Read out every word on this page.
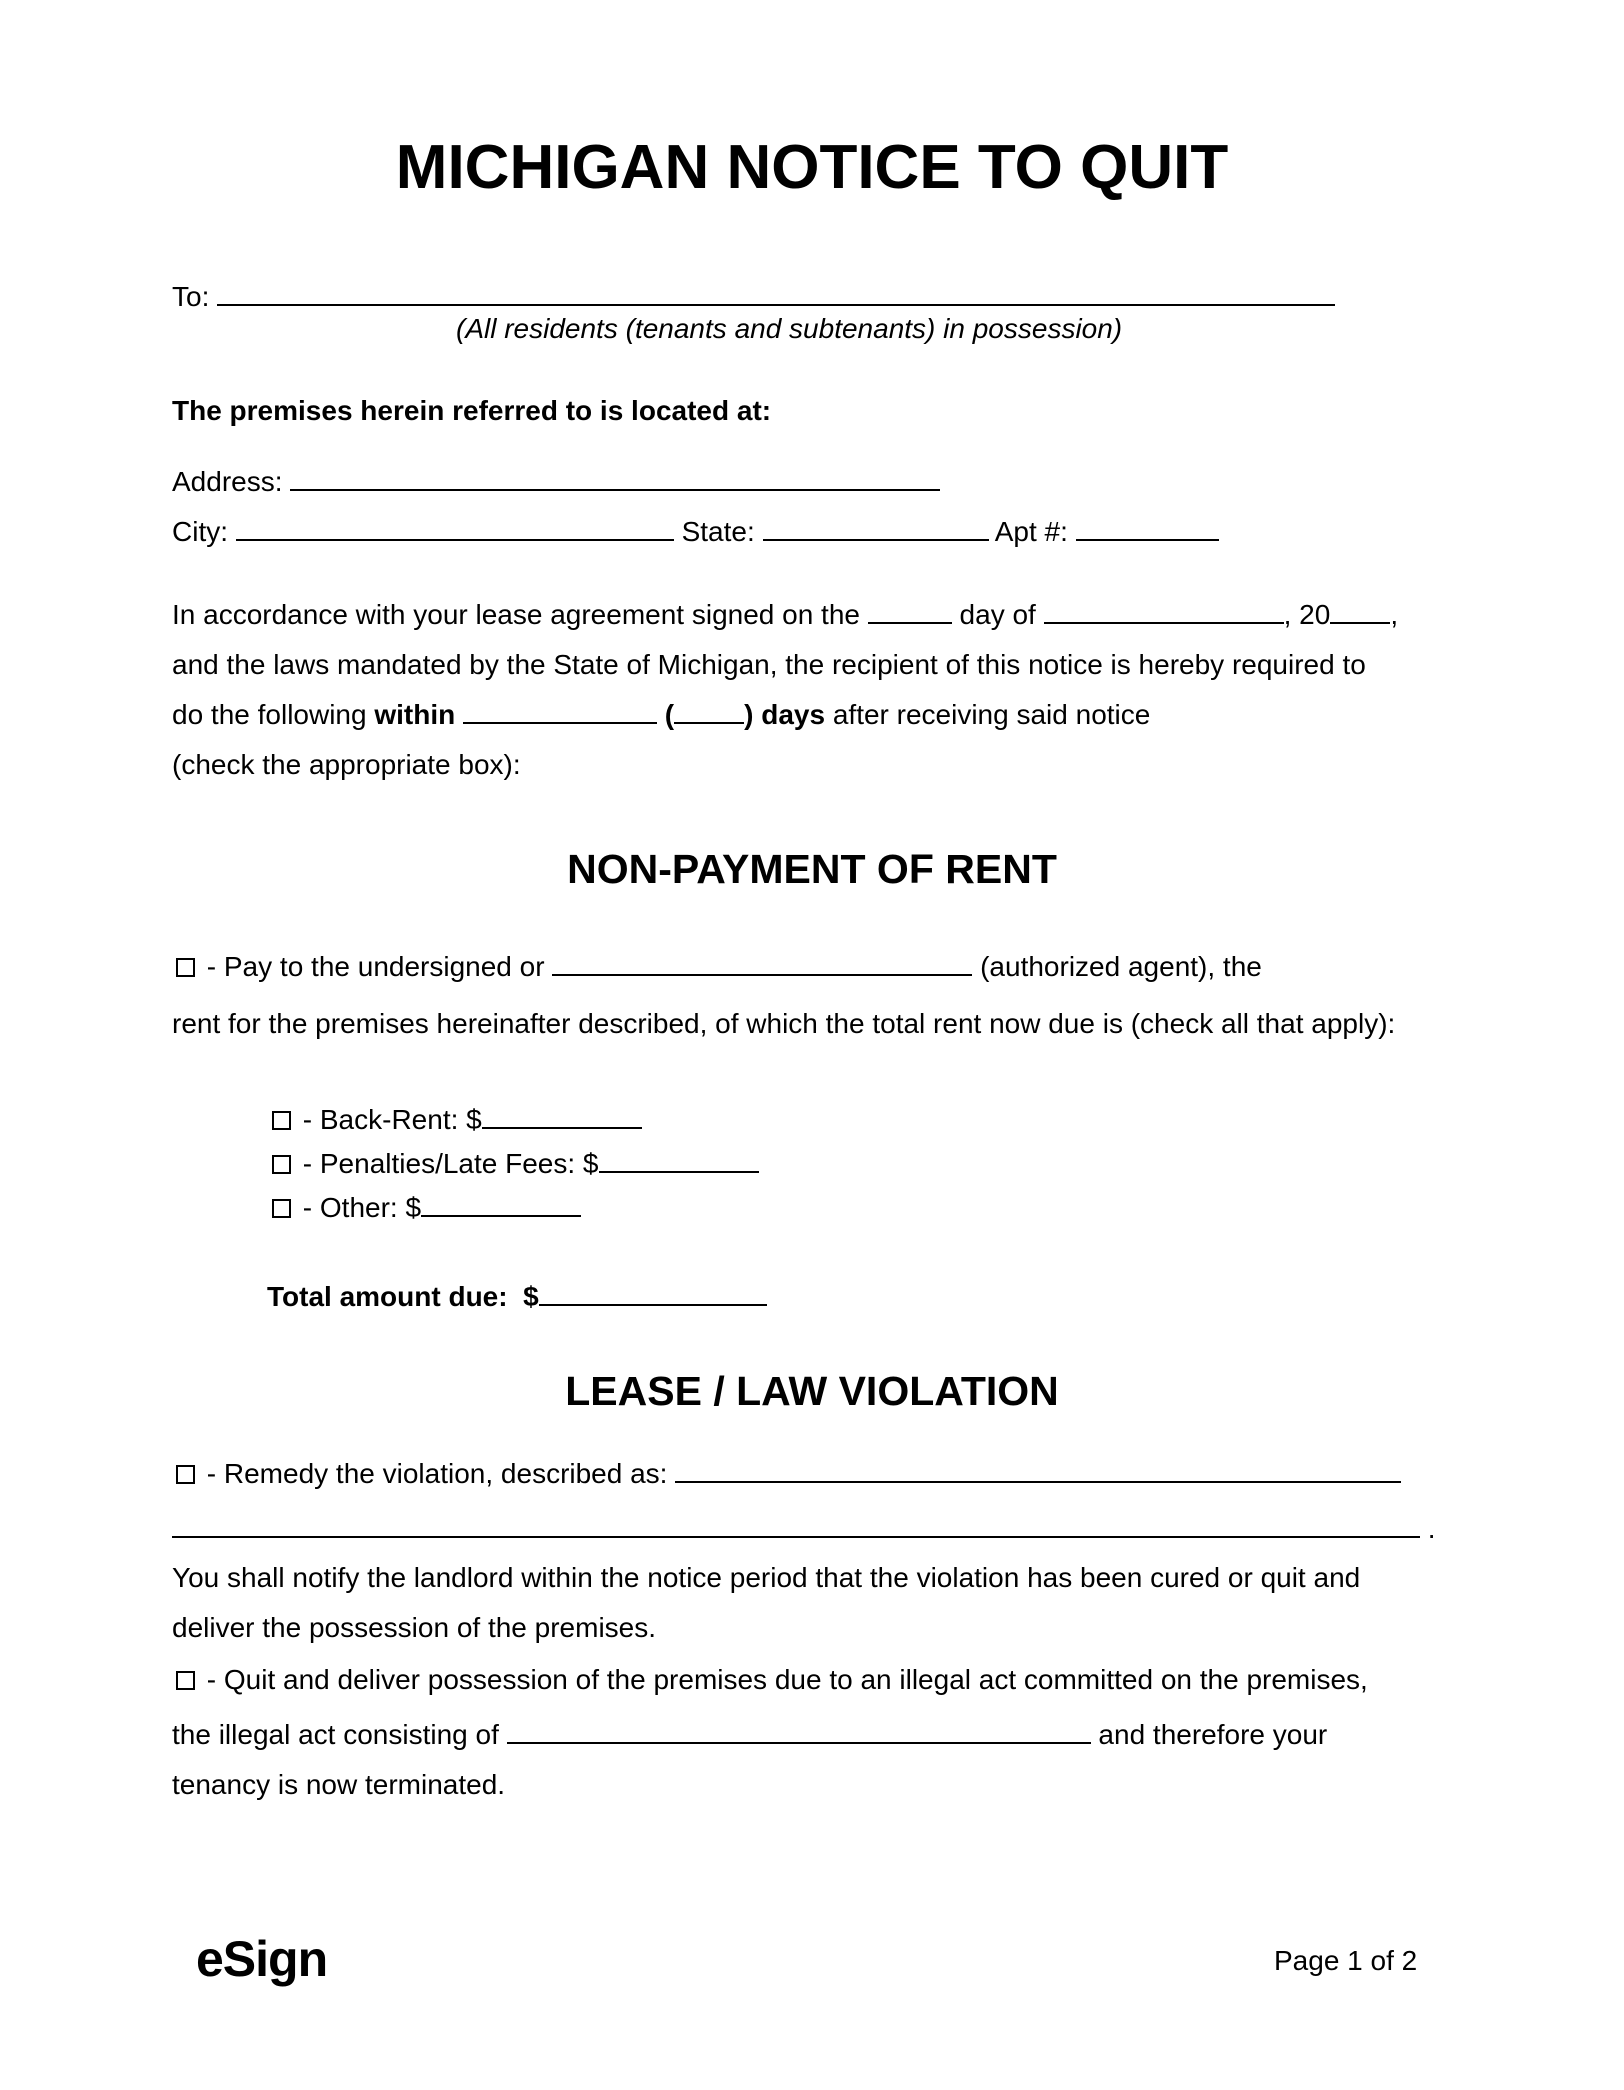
MICHIGAN NOTICE TO QUIT
To:
(All residents (tenants and subtenants) in possession)
The premises herein referred to is located at:
Address:
City:	State:	Apt #:
In accordance with your lease agreement signed on the	day of	, 20 ,
and the laws mandated by the State of Michigan, the recipient of this notice is hereby required to
do the following within	(	) days after receiving said notice
(check the appropriate box):
NON-PAYMENT OF RENT
- Pay to the undersigned or	(authorized agent), the
rent for the premises hereinafter described, of which the total rent now due is (check all that apply):
- Back-Rent: $
- Penalties/Late Fees: $
- Other: $
Total amount due:  $
LEASE / LAW VIOLATION
- Remedy the violation, described as:
.
You shall notify the landlord within the notice period that the violation has been cured or quit and
deliver the possession of the premises.
- Quit and deliver possession of the premises due to an illegal act committed on the premises,
the illegal act consisting of	and therefore your
tenancy is now terminated.
eSign	Page 1 of 2
